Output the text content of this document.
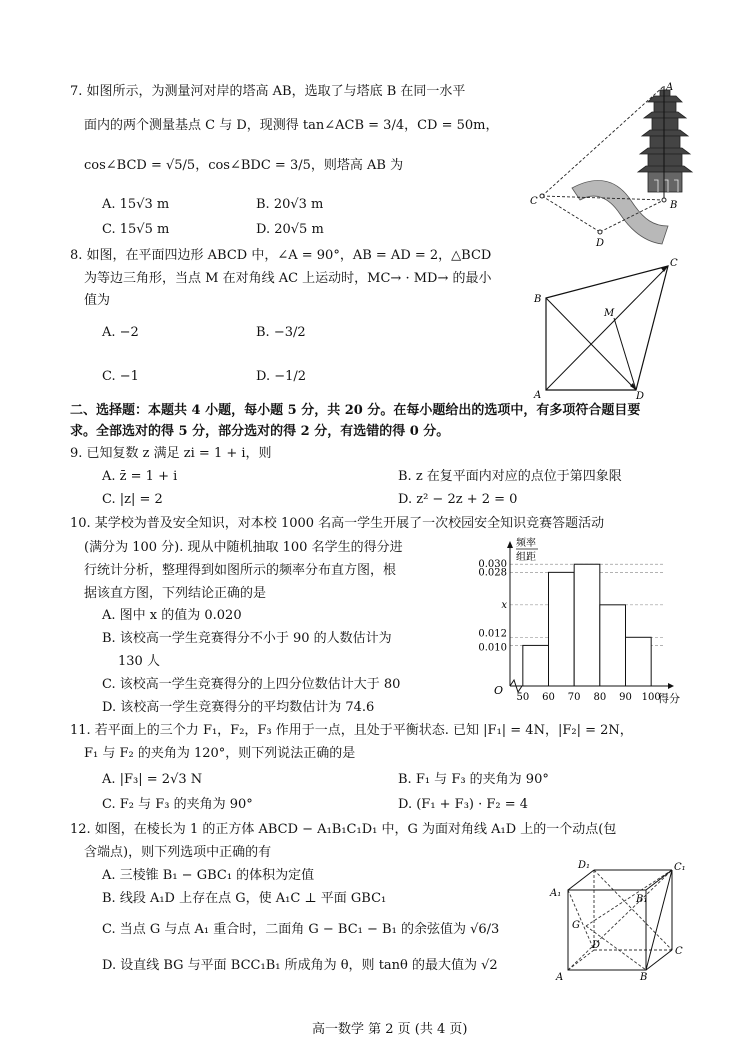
7. 如图所示，为测量河对岸的塔高 AB，选取了与塔底 B 在同一水平
面内的两个测量基点 C 与 D，现测得 tan∠ACB = 3/4，CD = 50m，
cos∠BCD = √5/5，cos∠BDC = 3/5，则塔高 AB 为
A. 15√3 m	B. 20√3 m
C. 15√5 m	D. 20√5 m
A
B
C
D
8. 如图，在平面四边形 ABCD 中，∠A = 90°，AB = AD = 2，△BCD
为等边三角形，当点 M 在对角线 AC 上运动时，MC→ · MD→ 的最小
值为
A. −2	B. −3/2
C. −1	D. −1/2
A
B
C
D
M
二、选择题：本题共 4 小题，每小题 5 分，共 20 分。在每小题给出的选项中，有多项符合题目要
求。全部选对的得 5 分，部分选对的得 2 分，有选错的得 0 分。
9. 已知复数 z 满足 zi = 1 + i，则
A. z̄ = 1 + i	B. z 在复平面内对应的点位于第四象限
C. |z| = 2	D. z² − 2z + 2 = 0
10. 某学校为普及安全知识，对本校 1000 名高一学生开展了一次校园安全知识竞赛答题活动
(满分为 100 分). 现从中随机抽取 100 名学生的得分进
行统计分析，整理得到如图所示的频率分布直方图，根
据该直方图，下列结论正确的是
A. 图中 x 的值为 0.020
B. 该校高一学生竞赛得分不小于 90 的人数估计为
130 人
C. 该校高一学生竞赛得分的上四分位数估计大于 80
D. 该校高一学生竞赛得分的平均数估计为 74.6
0.010
0.012
x
0.028
0.030
50 60 70 80 90 100
频率
组距
O
得分
11. 若平面上的三个力 F₁，F₂，F₃ 作用于一点，且处于平衡状态. 已知 |F₁| = 4N，|F₂| = 2N，
F₁ 与 F₂ 的夹角为 120°，则下列说法正确的是
A. |F₃| = 2√3 N	B. F₁ 与 F₃ 的夹角为 90°
C. F₂ 与 F₃ 的夹角为 90°	D. (F₁ + F₃) · F₂ = 4
12. 如图，在棱长为 1 的正方体 ABCD − A₁B₁C₁D₁ 中，G 为面对角线 A₁D 上的一个动点(包
含端点)，则下列选项中正确的有
A. 三棱锥 B₁ − GBC₁ 的体积为定值
B. 线段 A₁D 上存在点 G，使 A₁C ⊥ 平面 GBC₁
C. 当点 G 与点 A₁ 重合时，二面角 G − BC₁ − B₁ 的余弦值为 √6/3
D. 设直线 BG 与平面 BCC₁B₁ 所成角为 θ，则 tanθ 的最大值为 √2
A	B
C
D
A₁
B₁
C₁
D₁
G
高一数学 第 2 页 (共 4 页)
